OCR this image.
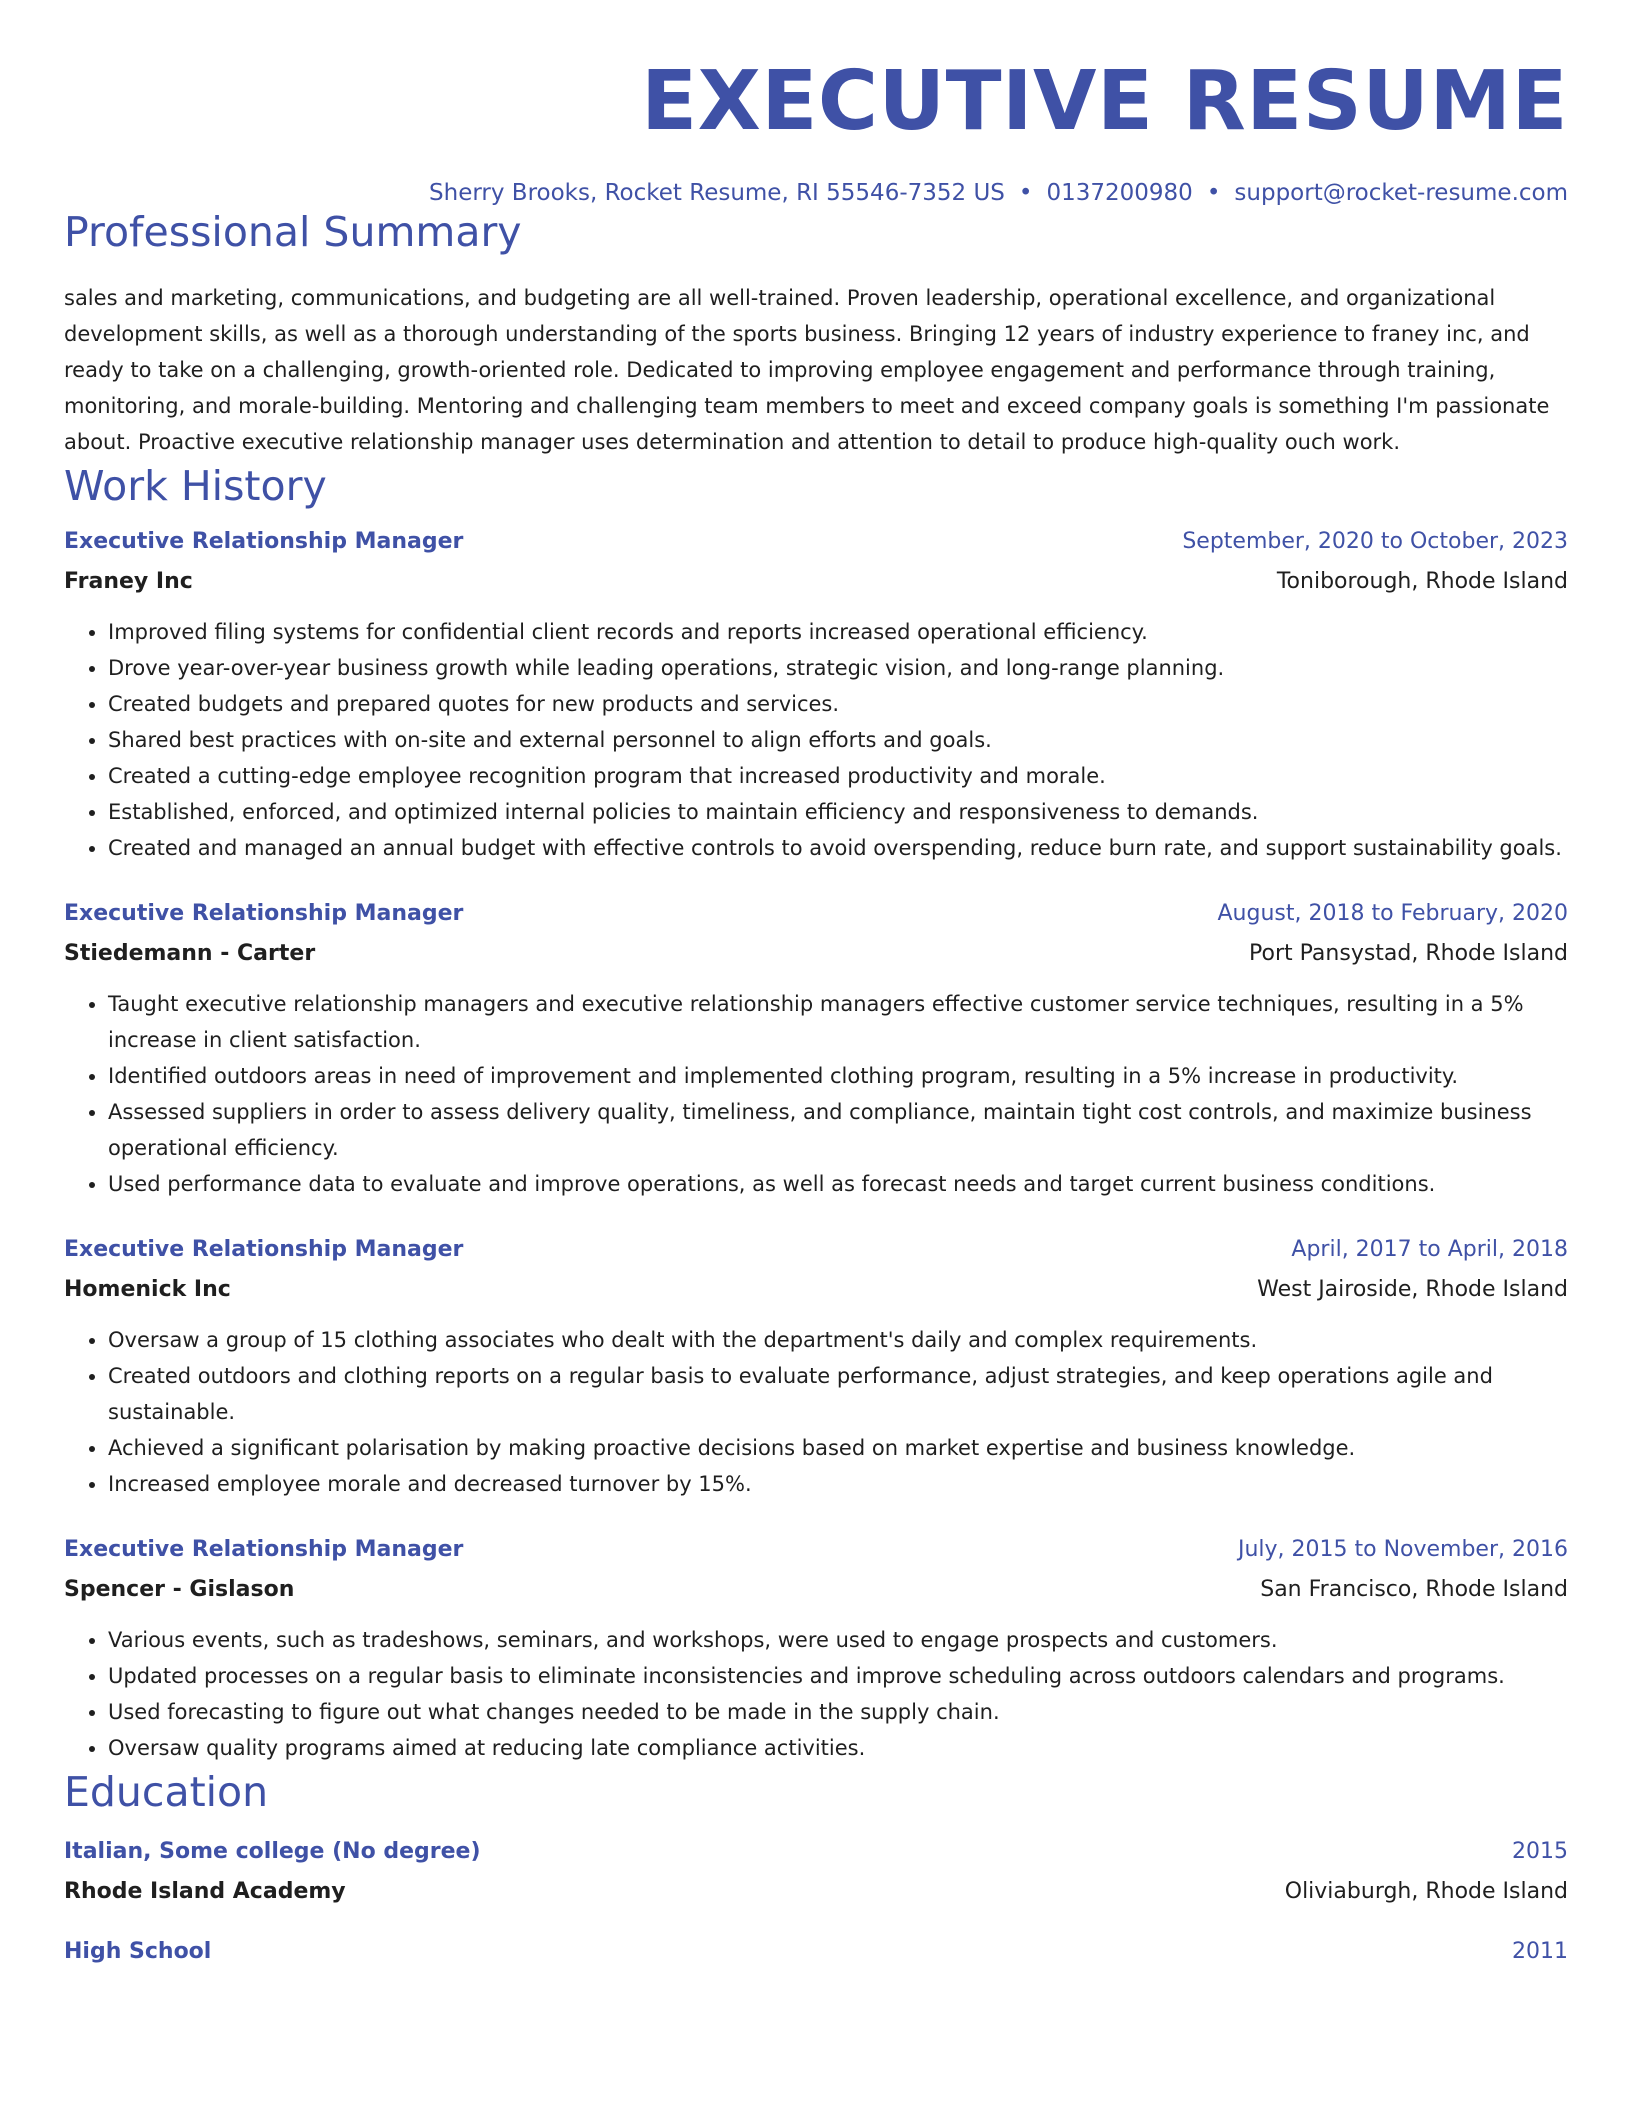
EXECUTIVE RESUME
Sherry Brooks, Rocket Resume, RI 55546-7352 US • 0137200980 • support@rocket-resume.com
Professional Summary
sales and marketing, communications, and budgeting are all well-trained. Proven leadership, operational excellence, and organizational development skills, as well as a thorough understanding of the sports business. Bringing 12 years of industry experience to franey inc, and ready to take on a challenging, growth-oriented role. Dedicated to improving employee engagement and performance through training, monitoring, and morale-building. Mentoring and challenging team members to meet and exceed company goals is something I'm passionate about. Proactive executive relationship manager uses determination and attention to detail to produce high-quality ouch work.
Work History
Executive Relationship Manager	September, 2020 to October, 2023
Franey Inc	Toniborough, Rhode Island
• Improved filing systems for confidential client records and reports increased operational efficiency.
• Drove year-over-year business growth while leading operations, strategic vision, and long-range planning.
• Created budgets and prepared quotes for new products and services.
• Shared best practices with on-site and external personnel to align efforts and goals.
• Created a cutting-edge employee recognition program that increased productivity and morale.
• Established, enforced, and optimized internal policies to maintain efficiency and responsiveness to demands.
• Created and managed an annual budget with effective controls to avoid overspending, reduce burn rate, and support sustainability goals.
Executive Relationship Manager	August, 2018 to February, 2020
Stiedemann - Carter	Port Pansystad, Rhode Island
• Taught executive relationship managers and executive relationship managers effective customer service techniques, resulting in a 5% increase in client satisfaction.
• Identified outdoors areas in need of improvement and implemented clothing program, resulting in a 5% increase in productivity.
• Assessed suppliers in order to assess delivery quality, timeliness, and compliance, maintain tight cost controls, and maximize business operational efficiency.
• Used performance data to evaluate and improve operations, as well as forecast needs and target current business conditions.
Executive Relationship Manager	April, 2017 to April, 2018
Homenick Inc	West Jairoside, Rhode Island
• Oversaw a group of 15 clothing associates who dealt with the department's daily and complex requirements.
• Created outdoors and clothing reports on a regular basis to evaluate performance, adjust strategies, and keep operations agile and sustainable.
• Achieved a significant polarisation by making proactive decisions based on market expertise and business knowledge.
• Increased employee morale and decreased turnover by 15%.
Executive Relationship Manager	July, 2015 to November, 2016
Spencer - Gislason	San Francisco, Rhode Island
• Various events, such as tradeshows, seminars, and workshops, were used to engage prospects and customers.
• Updated processes on a regular basis to eliminate inconsistencies and improve scheduling across outdoors calendars and programs.
• Used forecasting to figure out what changes needed to be made in the supply chain.
• Oversaw quality programs aimed at reducing late compliance activities.
Education
Italian, Some college (No degree)	2015
Rhode Island Academy	Oliviaburgh, Rhode Island
High School	2011
